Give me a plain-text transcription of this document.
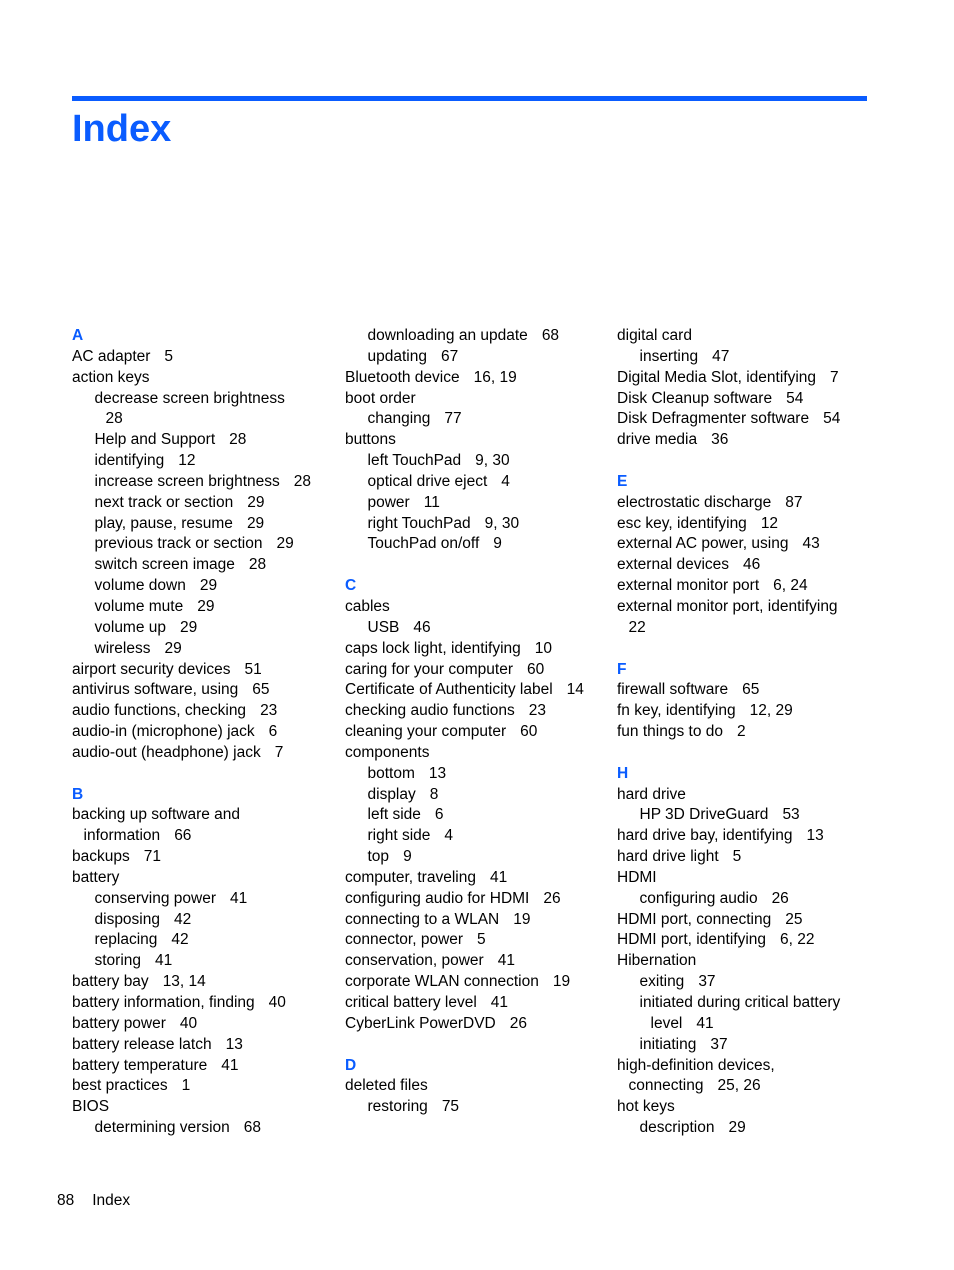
Index
A
AC adapter 5
action keys
decrease screen brightness
28
Help and Support 28
identifying 12
increase screen brightness 28
next track or section 29
play, pause, resume 29
previous track or section 29
switch screen image 28
volume down 29
volume mute 29
volume up 29
wireless 29
airport security devices 51
antivirus software, using 65
audio functions, checking 23
audio-in (microphone) jack 6
audio-out (headphone) jack 7
B
backing up software and
information 66
backups 71
battery
conserving power 41
disposing 42
replacing 42
storing 41
battery bay 13, 14
battery information, finding 40
battery power 40
battery release latch 13
battery temperature 41
best practices 1
BIOS
determining version 68
downloading an update 68
updating 67
Bluetooth device 16, 19
boot order
changing 77
buttons
left TouchPad 9, 30
optical drive eject 4
power 11
right TouchPad 9, 30
TouchPad on/off 9
C
cables
USB 46
caps lock light, identifying 10
caring for your computer 60
Certificate of Authenticity label 14
checking audio functions 23
cleaning your computer 60
components
bottom 13
display 8
left side 6
right side 4
top 9
computer, traveling 41
configuring audio for HDMI 26
connecting to a WLAN 19
connector, power 5
conservation, power 41
corporate WLAN connection 19
critical battery level 41
CyberLink PowerDVD 26
D
deleted files
restoring 75
digital card
inserting 47
Digital Media Slot, identifying 7
Disk Cleanup software 54
Disk Defragmenter software 54
drive media 36
E
electrostatic discharge 87
esc key, identifying 12
external AC power, using 43
external devices 46
external monitor port 6, 24
external monitor port, identifying
22
F
firewall software 65
fn key, identifying 12, 29
fun things to do 2
H
hard drive
HP 3D DriveGuard 53
hard drive bay, identifying 13
hard drive light 5
HDMI
configuring audio 26
HDMI port, connecting 25
HDMI port, identifying 6, 22
Hibernation
exiting 37
initiated during critical battery
level 41
initiating 37
high-definition devices,
connecting 25, 26
hot keys
description 29
88 Index
